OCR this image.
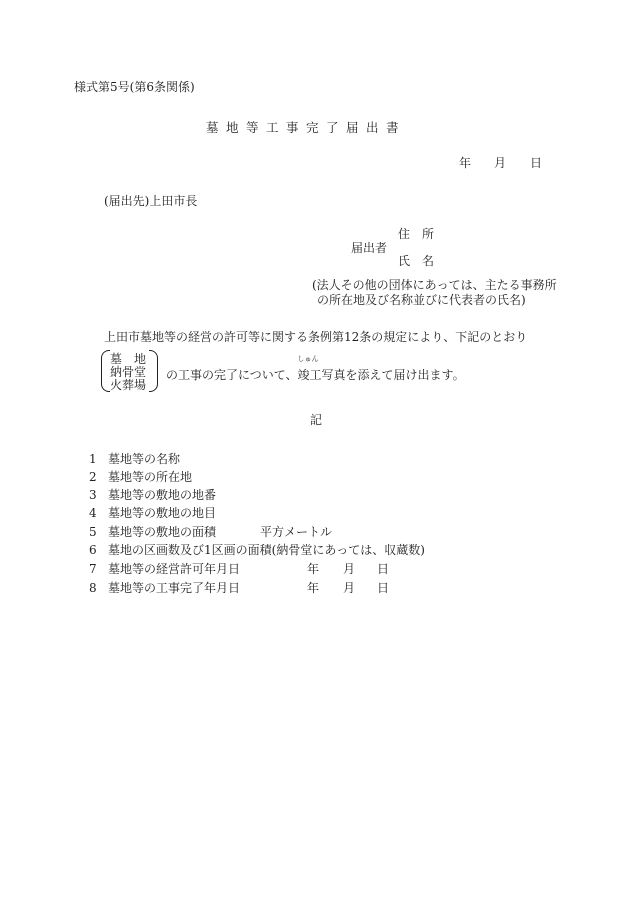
様式第5号(第6条関係)
墓地等工事完了届出書
年 月 日
(届出先)上田市長
住　所
届出者
氏　名
(法人その他の団体にあっては、主たる事務所
の所在地及び名称並びに代表者の氏名)
上田市墓地等の経営の許可等に関する条例第12条の規定により、下記のとおり
墓　地
納骨堂
火葬場
の工事の完了について、
しゅん
竣工写真を添えて届け出ます。
記
1 墓地等の名称
2 墓地等の所在地
3 墓地等の敷地の地番
4 墓地等の敷地の地目
5 墓地等の敷地の面積	平方メートル
6 墓地の区画数及び1区画の面積(納骨堂にあっては、収蔵数)
7 墓地等の経営許可年月日	年 月 日
8 墓地等の工事完了年月日	年 月 日
